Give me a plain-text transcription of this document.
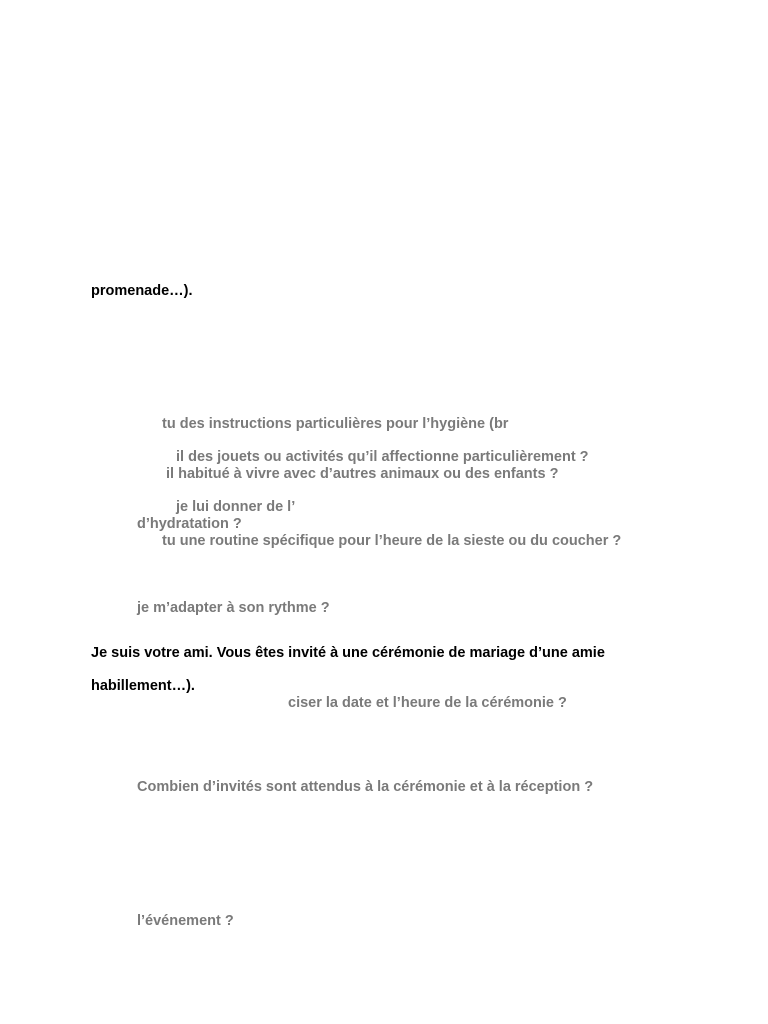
promenade…).
tu des instructions particulières pour l’hygiène (br
il des jouets ou activités qu’il affectionne particulièrement ?
il habitué à vivre avec d’autres animaux ou des enfants ?
je lui donner de l’
d’hydratation ?
tu une routine spécifique pour l’heure de la sieste ou du coucher ?
je m’adapter à son rythme ?
Je suis votre ami. Vous êtes invité à une cérémonie de mariage d’une amie
habillement…).
ciser la date et l’heure de la cérémonie ?
Combien d’invités sont attendus à la cérémonie et à la réception ?
l’événement ?
